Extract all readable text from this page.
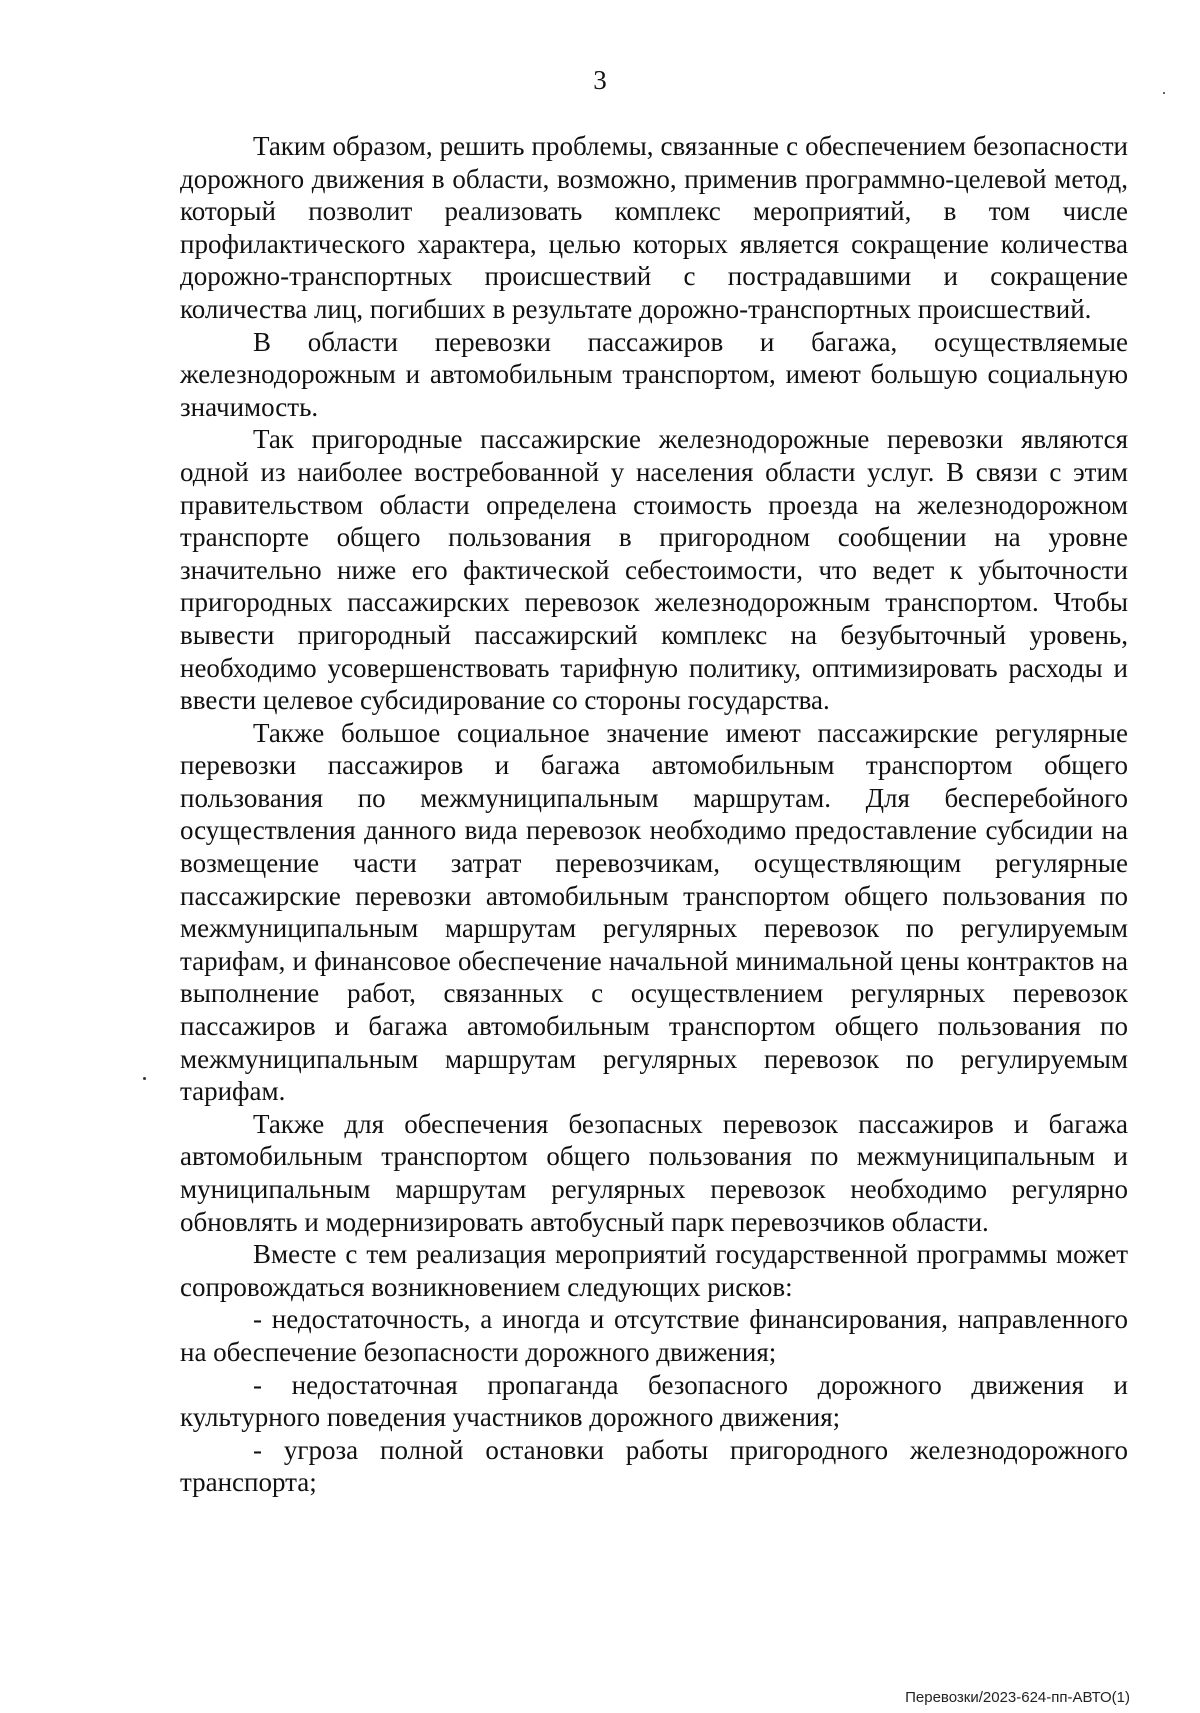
3

Таким образом, решить проблемы, связанные с обеспечением безопасности дорожного движения в области, возможно, применив программно-целевой метод, который позволит реализовать комплекс мероприятий, в том числе профилактического характера, целью которых является сокращение количества дорожно-транспортных происшествий с пострадавшими и сокращение количества лиц, погибших в результате дорожно-транспортных происшествий.

В области перевозки пассажиров и багажа, осуществляемые железнодорожным и автомобильным транспортом, имеют большую социальную значимость.

Так пригородные пассажирские железнодорожные перевозки являются одной из наиболее востребованной у населения области услуг. В связи с этим правительством области определена стоимость проезда на железнодорожном транспорте общего пользования в пригородном сообщении на уровне значительно ниже его фактической себестоимости, что ведет к убыточности пригородных пассажирских перевозок железнодорожным транспортом. Чтобы вывести пригородный пассажирский комплекс на безубыточный уровень, необходимо усовершенствовать тарифную политику, оптимизировать расходы и ввести целевое субсидирование со стороны государства.

Также большое социальное значение имеют пассажирские регулярные перевозки пассажиров и багажа автомобильным транспортом общего пользования по межмуниципальным маршрутам. Для бесперебойного осуществления данного вида перевозок необходимо предоставление субсидии на возмещение части затрат перевозчикам, осуществляющим регулярные пассажирские перевозки автомобильным транспортом общего пользования по межмуниципальным маршрутам регулярных перевозок по регулируемым тарифам, и финансовое обеспечение начальной минимальной цены контрактов на выполнение работ, связанных с осуществлением регулярных перевозок пассажиров и багажа автомобильным транспортом общего пользования по межмуниципальным маршрутам регулярных перевозок по регулируемым тарифам.

Также для обеспечения безопасных перевозок пассажиров и багажа автомобильным транспортом общего пользования по межмуниципальным и муниципальным маршрутам регулярных перевозок необходимо регулярно обновлять и модернизировать автобусный парк перевозчиков области.

Вместе с тем реализация мероприятий государственной программы может сопровождаться возникновением следующих рисков:

- недостаточность, а иногда и отсутствие финансирования, направленного на обеспечение безопасности дорожного движения;

- недостаточная пропаганда безопасного дорожного движения и культурного поведения участников дорожного движения;

- угроза полной остановки работы пригородного железнодорожного транспорта;

Перевозки/2023-624-пп-АВТО(1)
